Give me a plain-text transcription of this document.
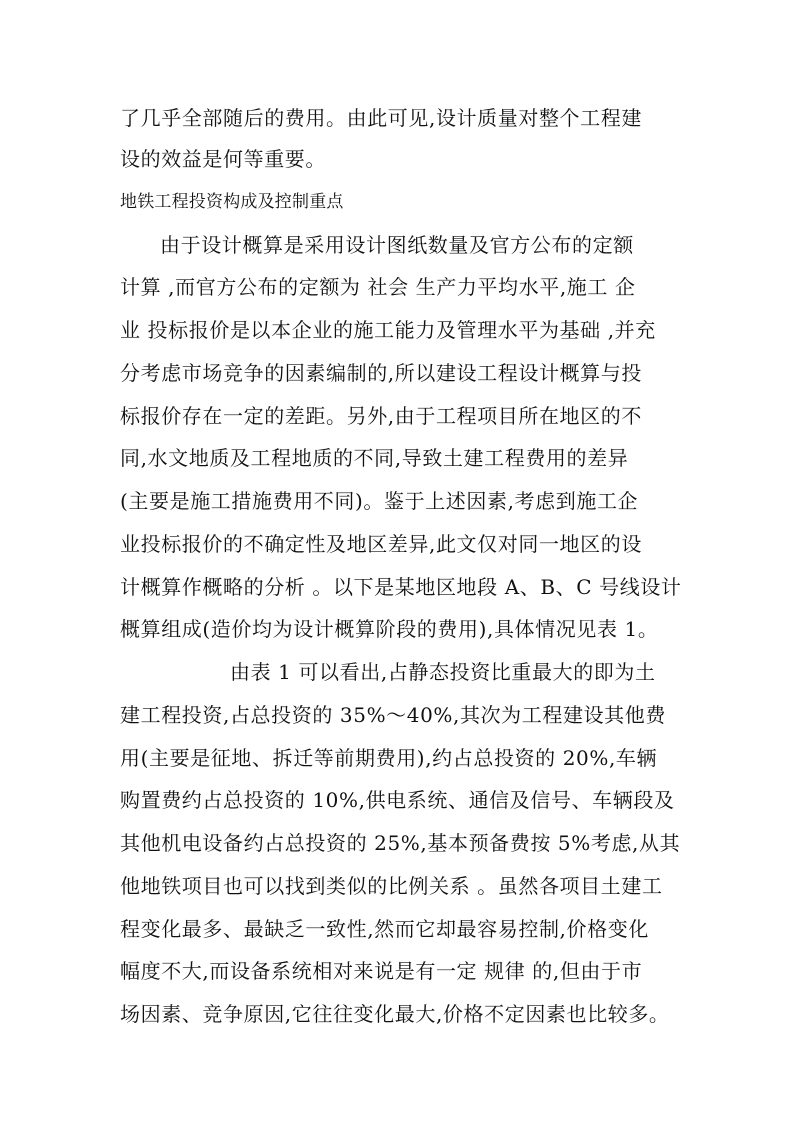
了几乎全部随后的费用。由此可见,设计质量对整个工程建
设的效益是何等重要。
地铁工程投资构成及控制重点
由于设计概算是采用设计图纸数量及官方公布的定额
计算 ,而官方公布的定额为 社会 生产力平均水平,施工 企
业 投标报价是以本企业的施工能力及管理水平为基础 ,并充
分考虑市场竞争的因素编制的,所以建设工程设计概算与投
标报价存在一定的差距。另外,由于工程项目所在地区的不
同,水文地质及工程地质的不同,导致土建工程费用的差异
(主要是施工措施费用不同)。鉴于上述因素,考虑到施工企
业投标报价的不确定性及地区差异,此文仅对同一地区的设
计概算作概略的分析 。以下是某地区地段 A、B、C 号线设计
概算组成(造价均为设计概算阶段的费用),具体情况见表 1。
由表 1 可以看出,占静态投资比重最大的即为土
建工程投资,占总投资的 35%～40%,其次为工程建设其他费
用(主要是征地、拆迁等前期费用),约占总投资的 20%,车辆
购置费约占总投资的 10%,供电系统、通信及信号、车辆段及
其他机电设备约占总投资的 25%,基本预备费按 5%考虑,从其
他地铁项目也可以找到类似的比例关系 。虽然各项目土建工
程变化最多、最缺乏一致性,然而它却最容易控制,价格变化
幅度不大,而设备系统相对来说是有一定 规律 的,但由于市
场因素、竞争原因,它往往变化最大,价格不定因素也比较多。
